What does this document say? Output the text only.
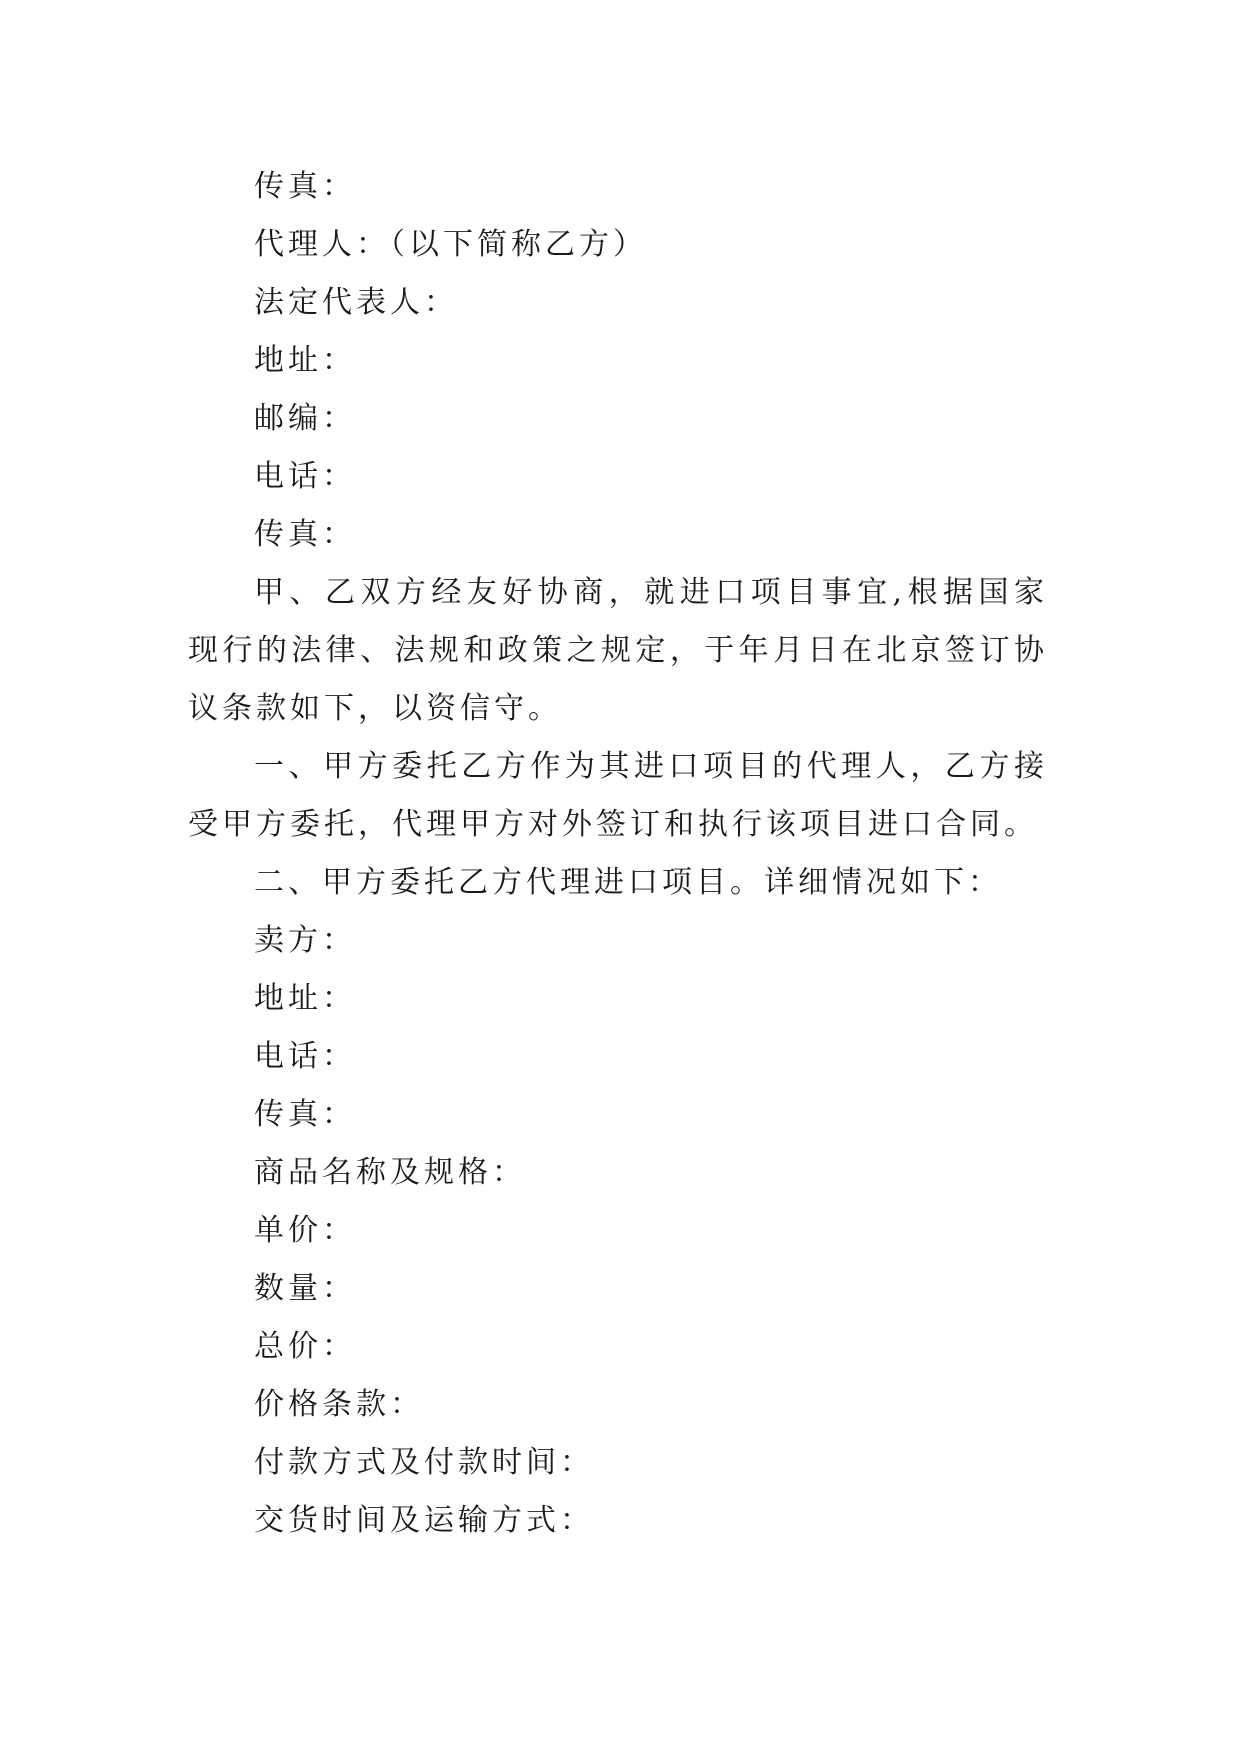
传真：
代理人：（以下简称乙方）
法定代表人：
地址：
邮编：
电话：
传真：
甲、乙双方经友好协商，就进口项目事宜,根据国家现行的法律、法规和政策之规定，于年月日在北京签订协议条款如下，以资信守。
一、甲方委托乙方作为其进口项目的代理人，乙方接受甲方委托，代理甲方对外签订和执行该项目进口合同。
二、甲方委托乙方代理进口项目。详细情况如下：
卖方：
地址：
电话：
传真：
商品名称及规格：
单价：
数量：
总价：
价格条款：
付款方式及付款时间：
交货时间及运输方式：
